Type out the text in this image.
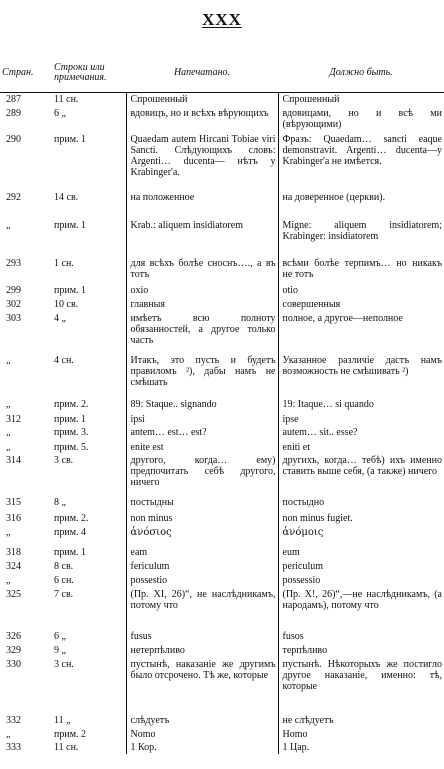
XXX
Стран.	Строки или примечания.	Напечатано.	Должно быть.
287	11 сн.	Спрошенный	Спрошенный
289	6 „	вдовицъ, но и всѣхъ вѣрующихъ	вдовицами, но и всѣ ми (вѣрующими)
290	прим. 1	Quaedam autem Hircani Tobiae viri Sancti. Слѣдующихъ словъ: Argenti… ducenta— нѣтъ у Krabinger'a.	Фразъ: Quaedam… sancti eaque demonstravit. Argenti… ducenta—у Krabinger'a не имѣется.
292	14 св.	на положенное	на доверенное (церкви).
„	прим. 1	Krab.: aliquem insidiatorem	Migne: aliquem insidiatorem; Krabinger: insidiatorem
293	1 сн.	для всѣхъ болѣе сноснъ…., а въ тотъ	всѣми болѣе терпимъ… но никакъ не тотъ
299	прим. 1	oxio	otio
302	10 св.	главныя	совершенныя
303	4 „	имѣетъ всю полноту обязанностей, а другое только часть	полное, а другое—неполное
„	4 сн.	Итакъ, это пусть и будетъ правиломъ ²), дабы намъ не смѣшать	Указанное различіе дастъ намъ возможность не смѣшивать ²)
„	прим. 2.	89: Staque.. signando	19: Itaque… si quando
312	прим. 1	ipsi	ipse
„	прим. 3.	antem… est… est?	autem… sit.. esse?
„	прим. 5.	enite est	eniti et
314	3 св.	другого, когда… ему) предпочитать себѣ другого, ничего	другихъ, когда… тебѣ) ихъ именно ставить выше себя, (а также) ничего
315	8 „	постыдны	постыдно
316	прим. 2.	non minus	non minus fugiet.
„	прим. 4	ἀνόσιος	ἀνόμοις
318	прим. 1	eam	eum
324	8 св.	ferіculum	periculum
„	6 сн.	possestio	possessio
325	7 св.	(Пр. XI, 26)“, не наслѣдникамъ, потому что	(Пр. X!, 26)“,—не наслѣдникамъ, (а народамъ), потому что
326	6 „	fusus	fusos
329	9 „	нетерпѣливо	терпѣливо
330	3 сн.	пустынѣ, наказаніе же другимъ было отсрочено. Тѣ же, которые	пустынѣ. Нѣкоторыхъ же постигло другое наказаніе, именно: тѣ, которые
332	11 „	слѣдуетъ	не слѣдуетъ
„	прим. 2	Nomo	Homo
333	11 сн.	1 Кор.	1 Цар.
